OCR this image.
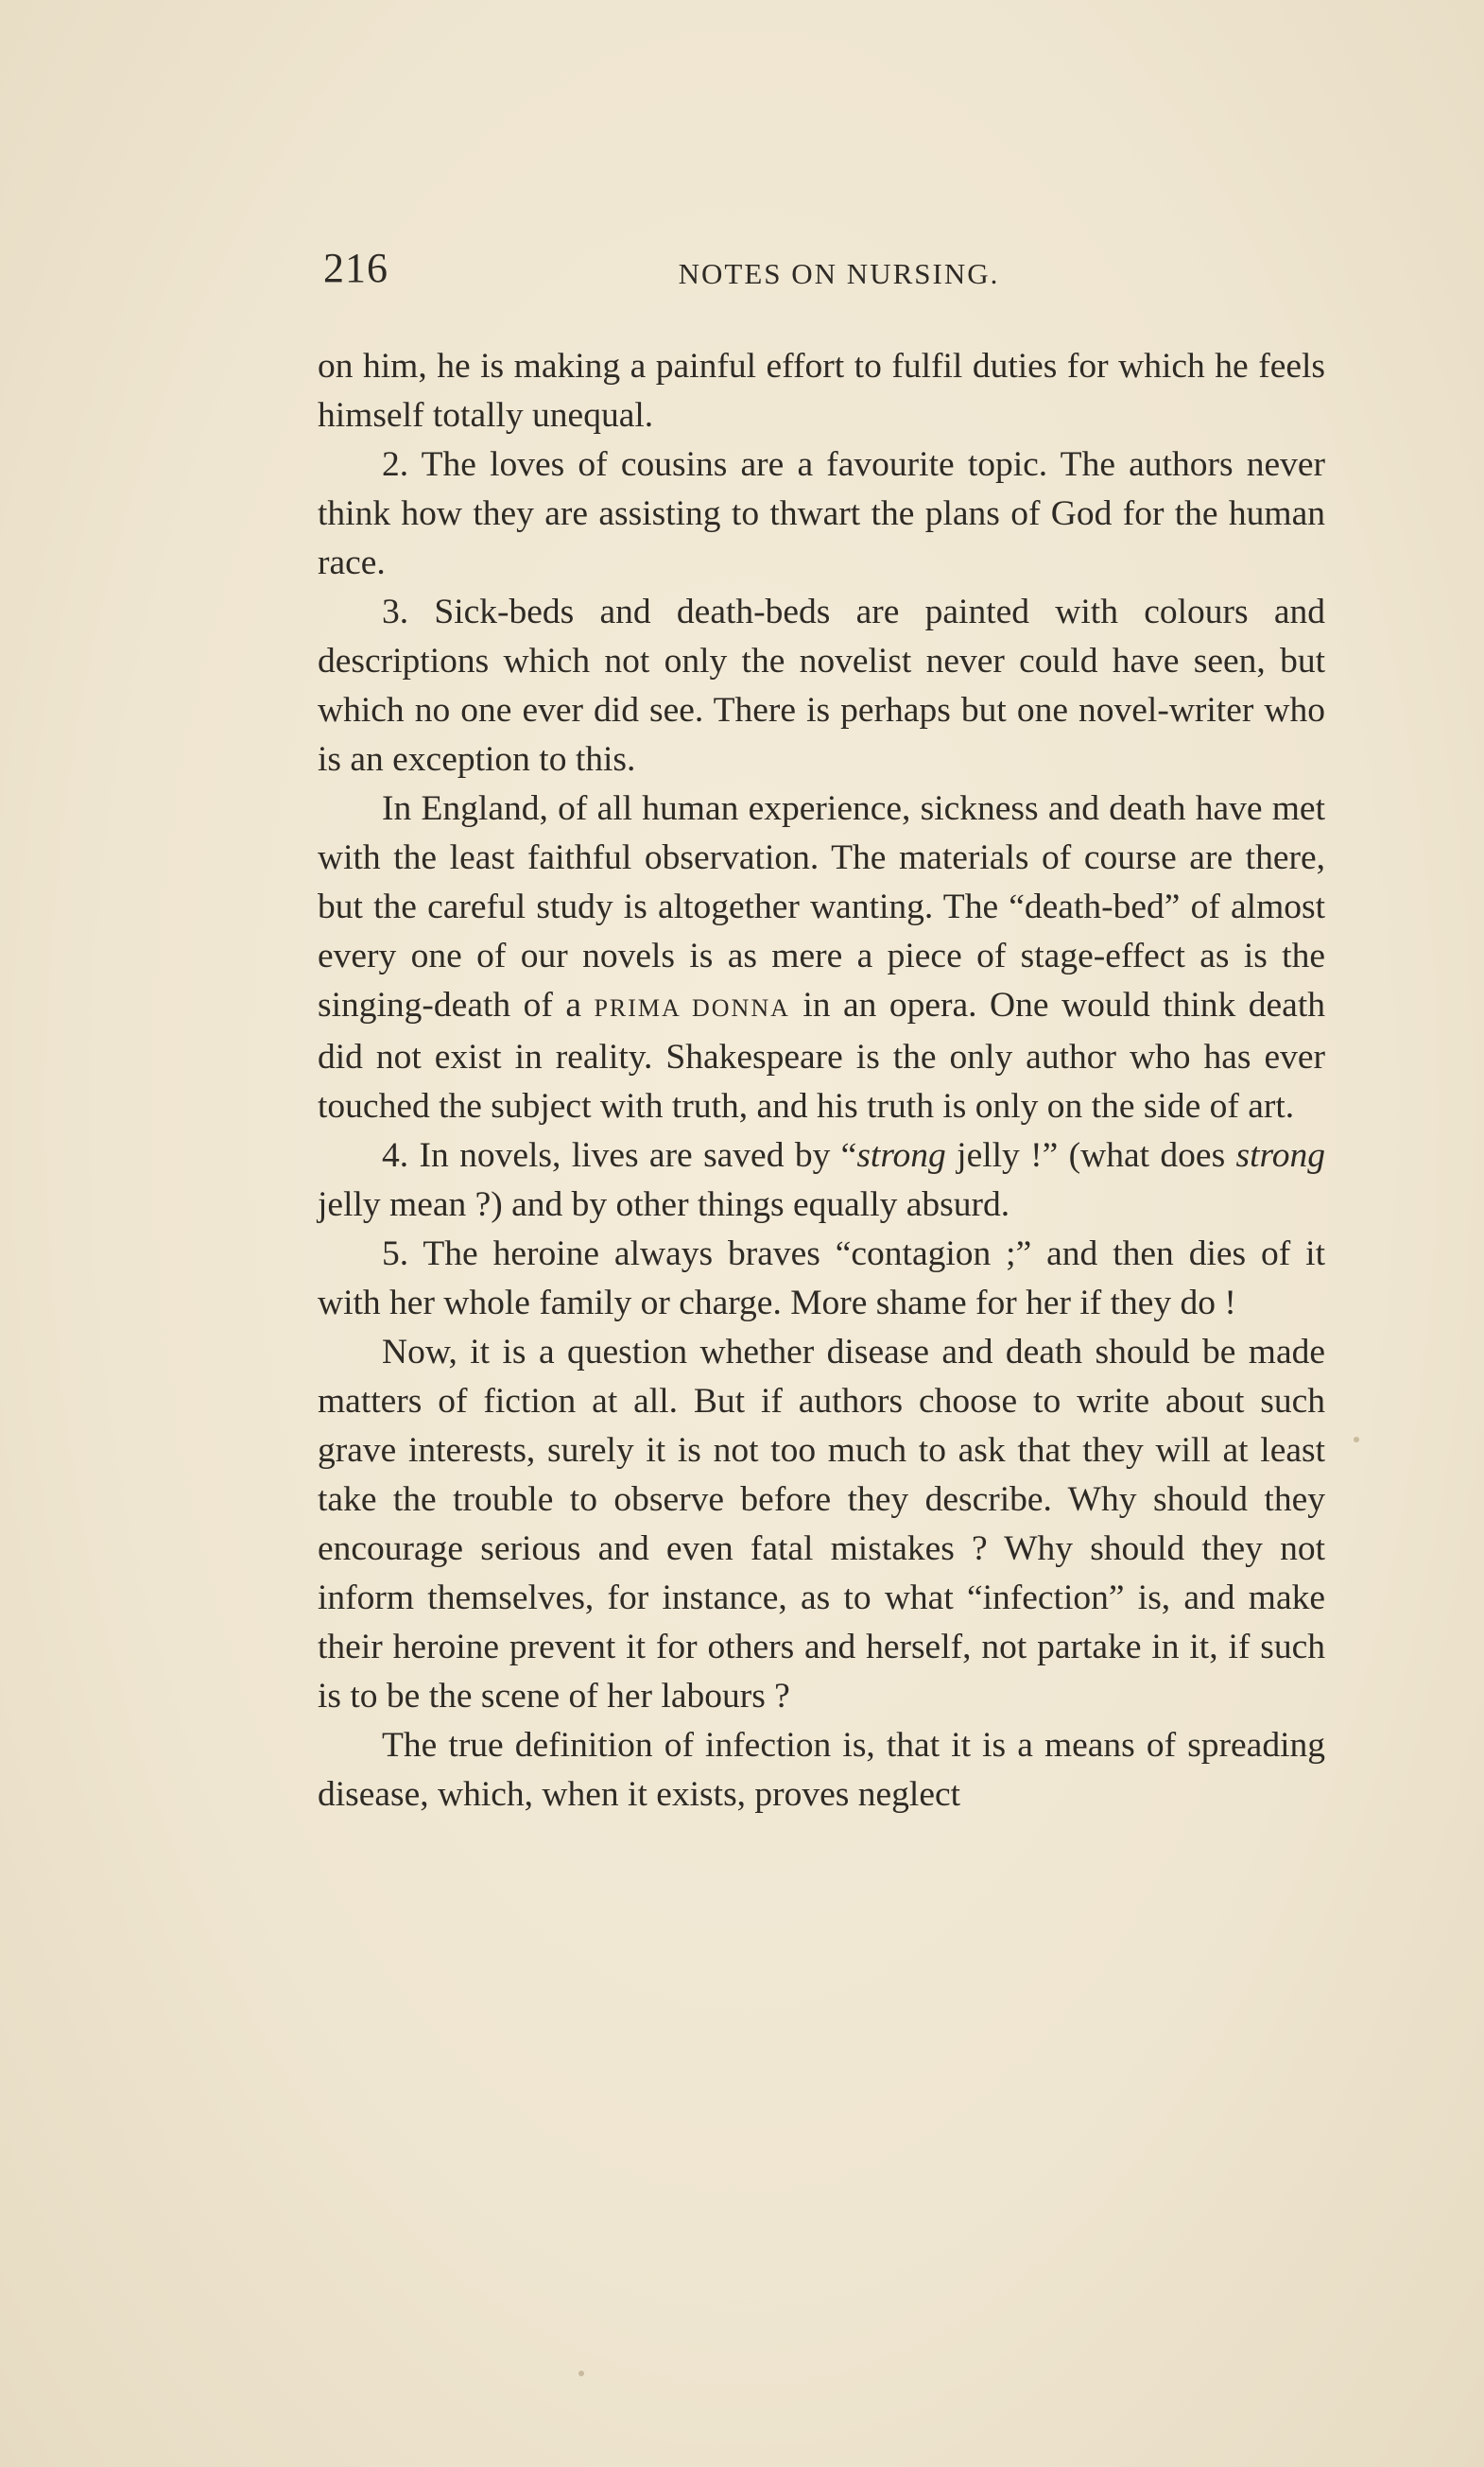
216	NOTES ON NURSING.

on him, he is making a painful effort to fulfil duties for which he feels himself totally unequal.

2. The loves of cousins are a favourite topic. The authors never think how they are assisting to thwart the plans of God for the human race.

3. Sick-beds and death-beds are painted with colours and descriptions which not only the novelist never could have seen, but which no one ever did see. There is perhaps but one novel-writer who is an exception to this.

In England, of all human experience, sickness and death have met with the least faithful observation. The materials of course are there, but the careful study is altogether wanting. The “death-bed” of almost every one of our novels is as mere a piece of stage-effect as is the singing-death of a PRIMA DONNA in an opera. One would think death did not exist in reality. Shakespeare is the only author who has ever touched the subject with truth, and his truth is only on the side of art.

4. In novels, lives are saved by “strong jelly !” (what does strong jelly mean ?) and by other things equally absurd.

5. The heroine always braves “contagion ;” and then dies of it with her whole family or charge. More shame for her if they do !

Now, it is a question whether disease and death should be made matters of fiction at all. But if authors choose to write about such grave interests, surely it is not too much to ask that they will at least take the trouble to observe before they describe. Why should they encourage serious and even fatal mistakes ? Why should they not inform themselves, for instance, as to what “infection” is, and make their heroine prevent it for others and herself, not partake in it, if such is to be the scene of her labours ?

The true definition of infection is, that it is a means of spreading disease, which, when it exists, proves neglect
